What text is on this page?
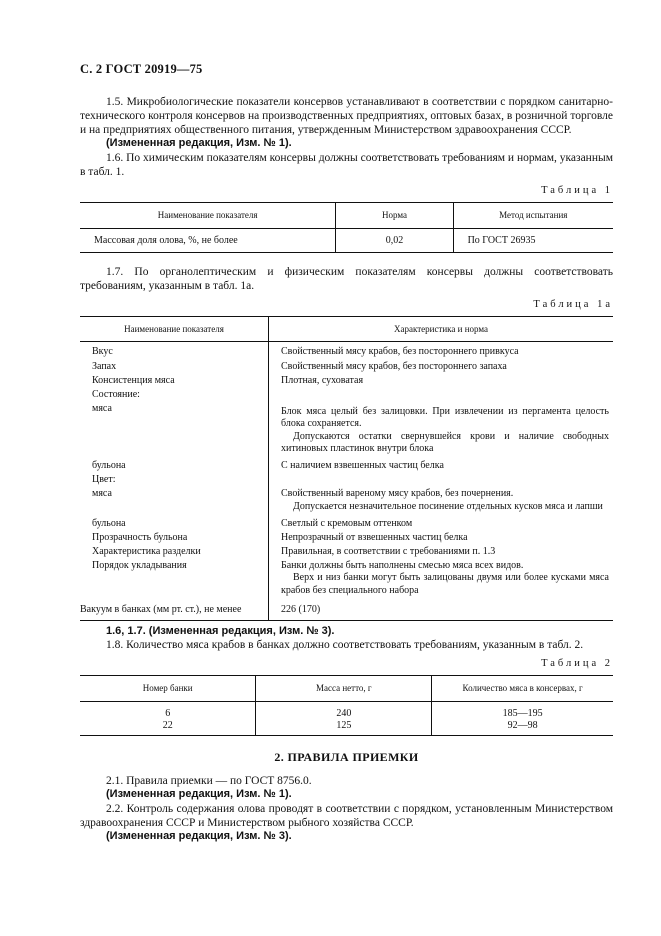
С. 2 ГОСТ 20919—75

1.5. Микробиологические показатели консервов устанавливают в соответствии с порядком санитарно-технического контроля консервов на производственных предприятиях, оптовых базах, в розничной торговле и на предприятиях общественного питания, утвержденным Министерством здравоохранения СССР.

(Измененная редакция, Изм. № 1).

1.6. По химическим показателям консервы должны соответствовать требованиям и нормам, указанным в табл. 1.

Таблица 1
Наименование показателя	Норма	Метод испытания
Массовая доля олова, %, не более	0,02	По ГОСТ 26935

1.7. По органолептическим и физическим показателям консервы должны соответствовать требованиям, указанным в табл. 1а.

Таблица 1а
Наименование показателя	Характеристика и норма
Вкус	Свойственный мясу крабов, без постороннего привкуса
Запах	Свойственный мясу крабов, без постороннего запаха
Консистенция мяса	Плотная, суховатая
Состояние:	
мяса	Блок мяса целый без залицовки. При извлечении из пергамента целость блока сохраняется.
Допускаются остатки свернувшейся крови и наличие свободных хитиновых пластинок внутри блока

бульона	С наличием взвешенных частиц белка
Цвет:	
мяса	Свойственный вареному мясу крабов, без почернения.
Допускается незначительное посинение отдельных кусков мяса и лапши

бульона	Светлый с кремовым оттенком
Прозрачность бульона	Непрозрачный от взвешенных частиц белка
Характеристика разделки	Правильная, в соответствии с требованиями п. 1.3
Порядок укладывания	Банки должны быть наполнены смесью мяса всех видов.
Верх и низ банки могут быть залицованы двумя или более кусками мяса крабов без специального набора

Вакуум в банках (мм рт. ст.), не менее	226 (170)

1.6, 1.7. (Измененная редакция, Изм. № 3).

1.8. Количество мяса крабов в банках должно соответствовать требованиям, указанным в табл. 2.

Таблица 2
Номер банки	Масса нетто, г	Количество мяса в консервах, г
6	240	185—195
22	125	92—98
2. ПРАВИЛА ПРИЕМКИ

2.1. Правила приемки — по ГОСТ 8756.0.

(Измененная редакция, Изм. № 1).

2.2. Контроль содержания олова проводят в соответствии с порядком, установленным Министерством здравоохранения СССР и Министерством рыбного хозяйства СССР.

(Измененная редакция, Изм. № 3).
